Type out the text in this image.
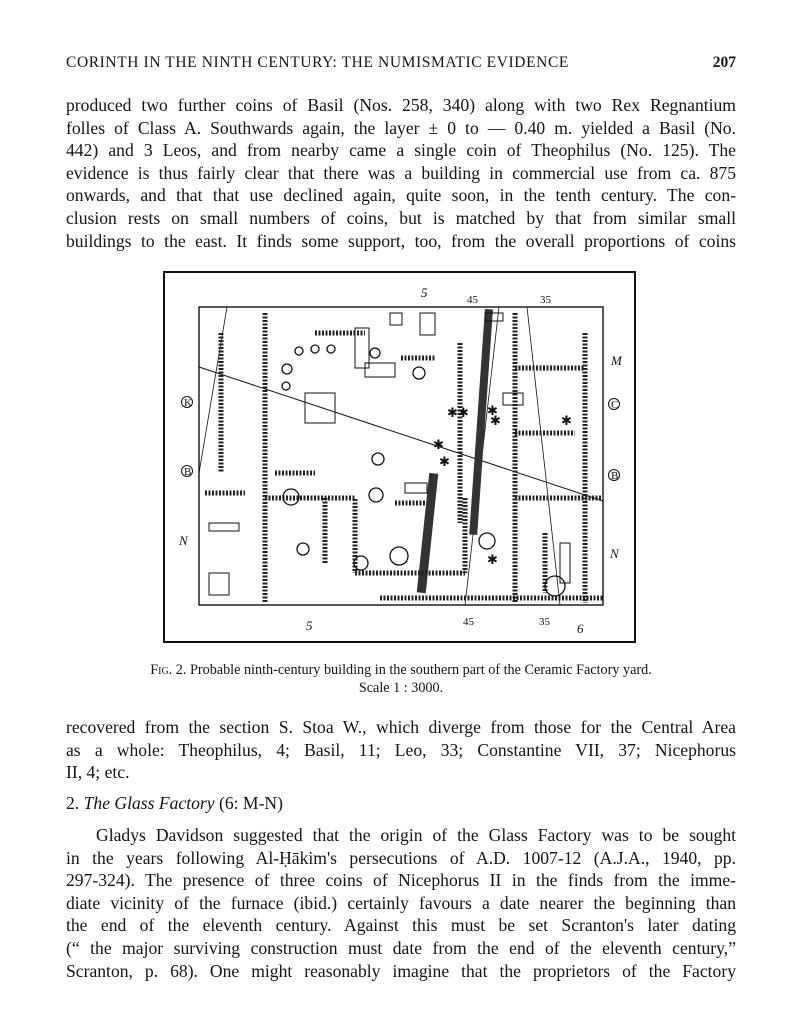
CORINTH IN THE NINTH CENTURY: THE NUMISMATIC EVIDENCE	207
produced two further coins of Basil (Nos. 258, 340) along with two Rex Regnantium
folles of Class A. Southwards again, the layer ± 0 to — 0.40 m. yielded a Basil (No.
442) and 3 Leos, and from nearby came a single coin of Theophilus (No. 125). The
evidence is thus fairly clear that there was a building in commercial use from ca. 875
onwards, and that that use declined again, quite soon, in the tenth century. The con-
clusion rests on small numbers of coins, but is matched by that from similar small
buildings to the east. It finds some support, too, from the overall proportions of coins
✱✱ ✱
✱
✱
✱
✱
✱
5	45	35
5	45	35 6
K
B
N
M
C
B
N
Fig. 2. Probable ninth-century building in the southern part of the Ceramic Factory yard.
Scale 1 : 3000.
recovered from the section S. Stoa W., which diverge from those for the Central Area
as a whole: Theophilus, 4; Basil, 11; Leo, 33; Constantine VII, 37; Nicephorus
II, 4; etc.
2. The Glass Factory (6: M-N)
Gladys Davidson suggested that the origin of the Glass Factory was to be sought
in the years following Al-Ḥākim's persecutions of A.D. 1007-12 (A.J.A., 1940, pp.
297-324). The presence of three coins of Nicephorus II in the finds from the imme-
diate vicinity of the furnace (ibid.) certainly favours a date nearer the beginning than
the end of the eleventh century. Against this must be set Scranton's later dating
(“ the major surviving construction must date from the end of the eleventh century,”
Scranton, p. 68). One might reasonably imagine that the proprietors of the Factory
